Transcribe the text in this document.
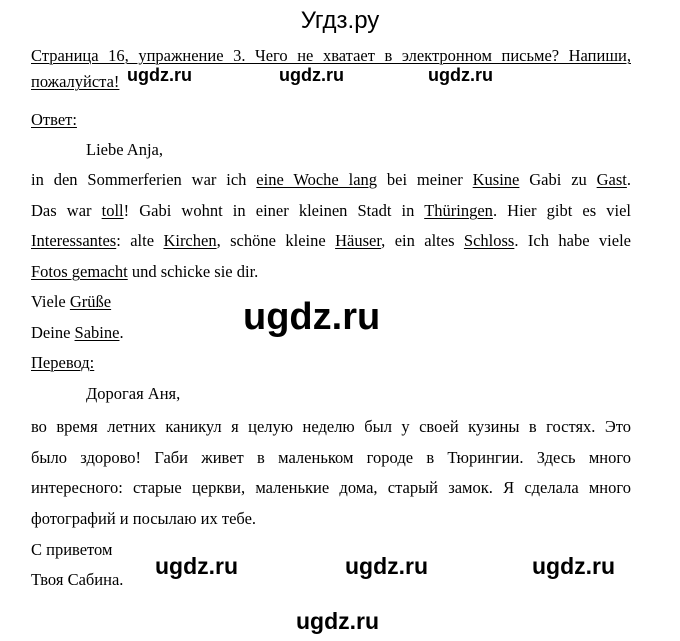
Угдз.ру
Страница 16, упражнение 3. Чего не хватает в электронном письме? Напиши,
пожалуйста!
Ответ:
Liebe Anja,
in den Sommerferien war ich eine Woche lang bei meiner Kusine Gabi zu Gast.
Das war toll! Gabi wohnt in einer kleinen Stadt in Thüringen. Hier gibt es viel
Interessantes: alte Kirchen, schöne kleine Häuser, ein altes Schloss. Ich habe viele
Fotos gemacht und schicke sie dir.
Viele Grüße
Deine Sabine.
Перевод:
Дорогая Аня,
во время летних каникул я целую неделю был у своей кузины в гостях. Это
было здорово! Габи живет в маленьком городе в Тюрингии. Здесь много
интересного: старые церкви, маленькие дома, старый замок. Я сделала много
фотографий и посылаю их тебе.
С приветом
Твоя Сабина.
ugdz.ru	ugdz.ru	ugdz.ru
ugdz.ru
ugdz.ru	ugdz.ru	ugdz.ru
ugdz.ru
